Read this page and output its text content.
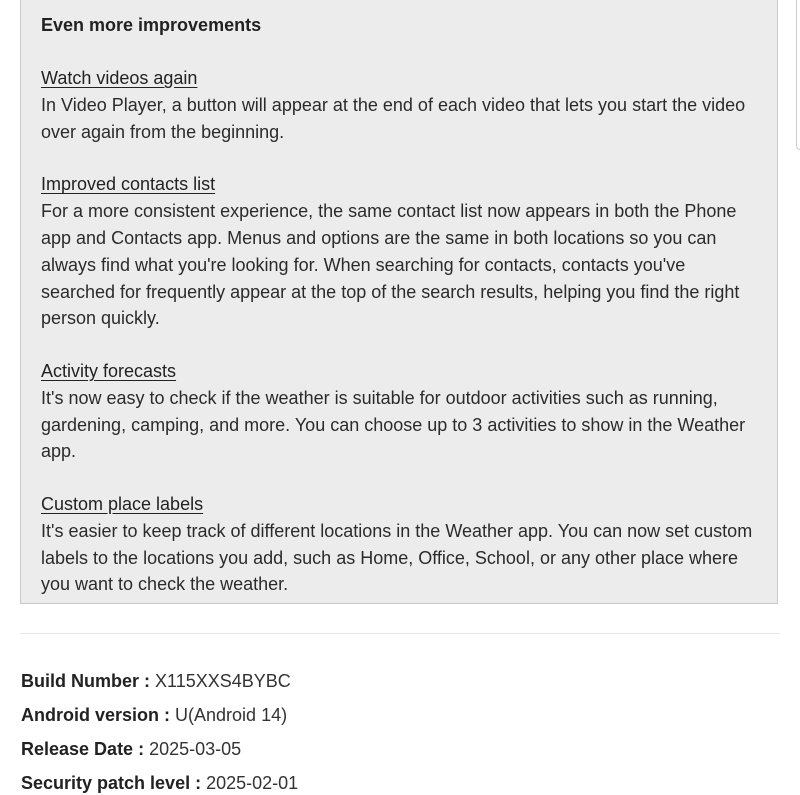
Even more improvements
Watch videos again
In Video Player, a button will appear at the end of each video that lets you start the video over again from the beginning.
Improved contacts list
For a more consistent experience, the same contact list now appears in both the Phone app and Contacts app. Menus and options are the same in both locations so you can always find what you're looking for. When searching for contacts, contacts you've searched for frequently appear at the top of the search results, helping you find the right person quickly.
Activity forecasts
It's now easy to check if the weather is suitable for outdoor activities such as running, gardening, camping, and more. You can choose up to 3 activities to show in the Weather app.
Custom place labels
It's easier to keep track of different locations in the Weather app. You can now set custom labels to the locations you add, such as Home, Office, School, or any other place where you want to check the weather.
Build Number : X115XXS4BYBC
Android version : U(Android 14)
Release Date : 2025-03-05
Security patch level : 2025-02-01
